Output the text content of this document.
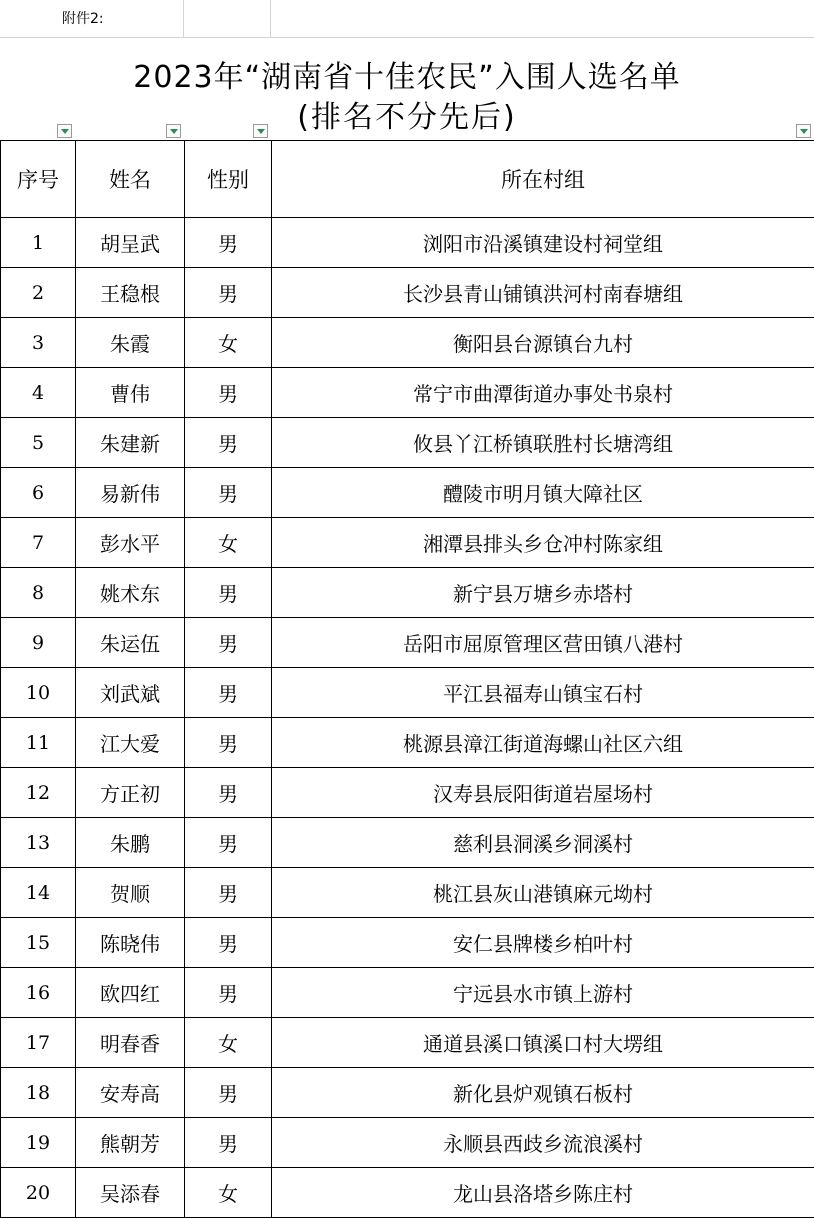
附件2:
2023年“湖南省十佳农民”入围人选名单
(排名不分先后)
序号	姓名	性别	所在村组
1	胡呈武	男	浏阳市沿溪镇建设村祠堂组
2	王稳根	男	长沙县青山铺镇洪河村南春塘组
3	朱霞	女	衡阳县台源镇台九村
4	曹伟	男	常宁市曲潭街道办事处书泉村
5	朱建新	男	攸县丫江桥镇联胜村长塘湾组
6	易新伟	男	醴陵市明月镇大障社区
7	彭水平	女	湘潭县排头乡仓冲村陈家组
8	姚术东	男	新宁县万塘乡赤塔村
9	朱运伍	男	岳阳市屈原管理区营田镇八港村
10	刘武斌	男	平江县福寿山镇宝石村
11	江大爱	男	桃源县漳江街道海螺山社区六组
12	方正初	男	汉寿县辰阳街道岩屋场村
13	朱鹏	男	慈利县洞溪乡洞溪村
14	贺顺	男	桃江县灰山港镇麻元坳村
15	陈晓伟	男	安仁县牌楼乡柏叶村
16	欧四红	男	宁远县水市镇上游村
17	明春香	女	通道县溪口镇溪口村大塄组
18	安寿高	男	新化县炉观镇石板村
19	熊朝芳	男	永顺县西歧乡流浪溪村
20	吴添春	女	龙山县洛塔乡陈庄村
